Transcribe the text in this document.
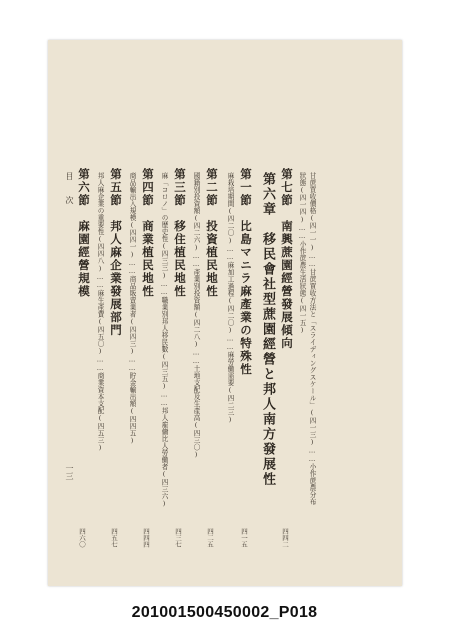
甘蔗買收價格(四一一)……甘蔗買收方法と「スライディングスケール」(四一三)……小作蔗農分布
狀態(四一四)……小作蔗農生活狀態(四一五)
第七節　南興蔗園經營發展傾向
第六章　移民會社型蔗園經營と邦人南方發展性
第一節　比島マニラ麻產業の特殊性
麻栽培期間(四二〇)……麻加工過程(四二〇)……麻勞働需要(四二三)
第二節　投資植民地性
國籍別投資額(四二六)……產業別投資額(四二八)……土地支配及生產高(四三〇)
第三節　移住植民地性
麻「コロノ」の歷史性(四三三)……職業別邦人移民數(四三五)……邦人雇傭比人勞働者(四三六)
第四節　商業植民地性
商品輸出入規模(四四一)……商品販賣業者(四四三)……貯金輸出額(四四五)
第五節　邦人麻企業發展部門
邦人麻企業の重要性(四四八)……麻生產費(四五〇)……商業資本支配(四五三)
第六節　麻園經營規模
四四二
四一五
四二五
四三七
四四四
四五七
四六〇
目　　次
一三
201001500450002_P018
